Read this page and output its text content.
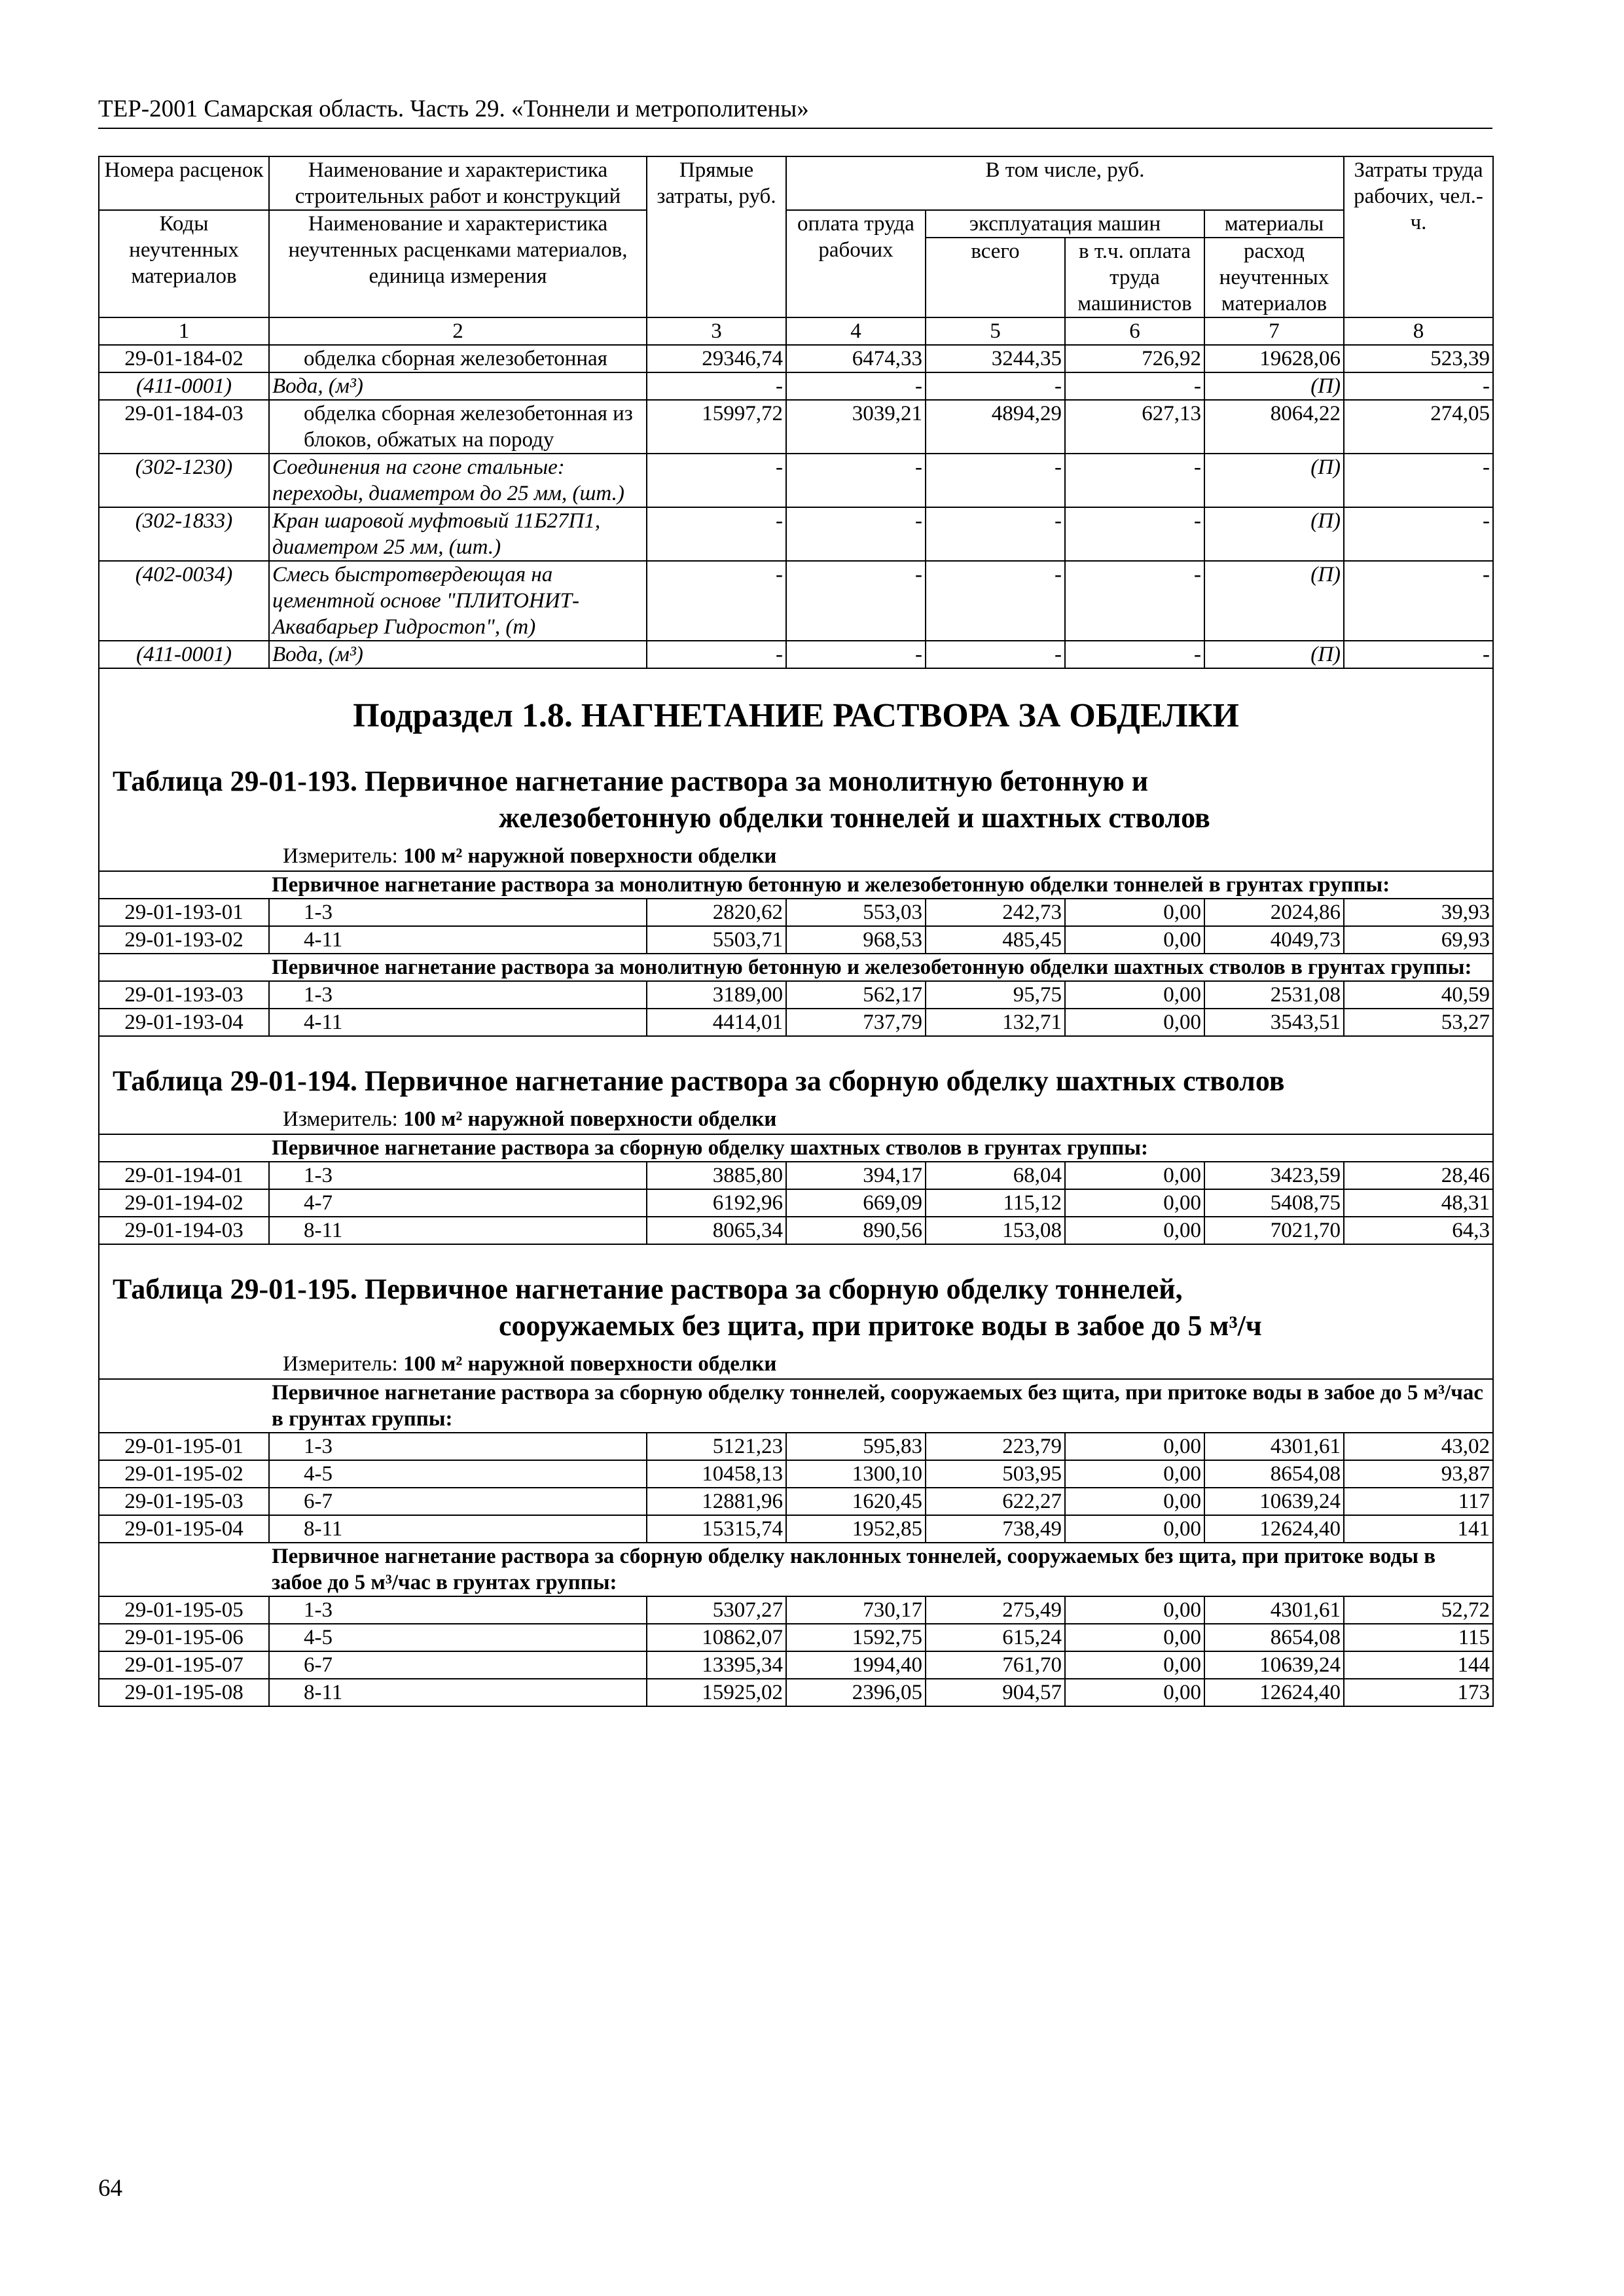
ТЕР-2001 Самарская область. Часть 29. «Тоннели и метрополитены»
Номера расценок	Наименование и характеристика строительных работ и конструкций	Прямые затраты, руб.	В том числе, руб.				Затраты труда рабочих, чел.-ч.
Коды неучтенных материалов	Наименование и характеристика неучтенных расценками материалов, единица измерения		оплата труда рабочих	эксплуатация машин		материалы	
				всего	в т.ч. оплата труда машинистов	расход неучтенных материалов	
1	2	3	4	5	6	7	8
29-01-184-02	обделка сборная железобетонная	29346,74	6474,33	3244,35	726,92	19628,06	523,39
(411-0001)	Вода, (м³)	-	-	-	-	(П)	-
29-01-184-03	обделка сборная железобетонная из блоков, обжатых на породу	15997,72	3039,21	4894,29	627,13	8064,22	274,05
(302-1230)	Соединения на сгоне стальные: переходы, диаметром до 25 мм, (шт.)	-	-	-	-	(П)	-
(302-1833)	Кран шаровой муфтовый 11Б27П1, диаметром 25 мм, (шт.)	-	-	-	-	(П)	-
(402-0034)	Смесь быстротвердеющая на цементной основе "ПЛИТОНИТ-Аквабарьер Гидростоп", (т)	-	-	-	-	(П)	-
(411-0001)	Вода, (м³)	-	-	-	-	(П)	-

Подраздел 1.8. НАГНЕТАНИЕ РАСТВОРА ЗА ОБДЕЛКИ							

Таблица 29-01-193. Первичное нагнетание раствора за монолитную бетонную и
железобетонную обделки тоннелей и шахтных стволов
Измеритель: 100 м² наружной поверхности обделки							

	Первичное нагнетание раствора за монолитную бетонную и железобетонную обделки тоннелей в грунтах группы:						
29-01-193-01	1-3	2820,62	553,03	242,73	0,00	2024,86	39,93
29-01-193-02	4-11	5503,71	968,53	485,45	0,00	4049,73	69,93
	Первичное нагнетание раствора за монолитную бетонную и железобетонную обделки шахтных стволов в грунтах группы:						
29-01-193-03	1-3	3189,00	562,17	95,75	0,00	2531,08	40,59
29-01-193-04	4-11	4414,01	737,79	132,71	0,00	3543,51	53,27

Таблица 29-01-194. Первичное нагнетание раствора за сборную обделку шахтных стволов
Измеритель: 100 м² наружной поверхности обделки							

	Первичное нагнетание раствора за сборную обделку шахтных стволов в грунтах группы:						
29-01-194-01	1-3	3885,80	394,17	68,04	0,00	3423,59	28,46
29-01-194-02	4-7	6192,96	669,09	115,12	0,00	5408,75	48,31
29-01-194-03	8-11	8065,34	890,56	153,08	0,00	7021,70	64,3

Таблица 29-01-195. Первичное нагнетание раствора за сборную обделку тоннелей,
сооружаемых без щита, при притоке воды в забое до 5 м³/ч
Измеритель: 100 м² наружной поверхности обделки							

	Первичное нагнетание раствора за сборную обделку тоннелей, сооружаемых без щита, при притоке воды в забое до 5 м³/час в грунтах группы:						
29-01-195-01	1-3	5121,23	595,83	223,79	0,00	4301,61	43,02
29-01-195-02	4-5	10458,13	1300,10	503,95	0,00	8654,08	93,87
29-01-195-03	6-7	12881,96	1620,45	622,27	0,00	10639,24	117
29-01-195-04	8-11	15315,74	1952,85	738,49	0,00	12624,40	141
	Первичное нагнетание раствора за сборную обделку наклонных тоннелей, сооружаемых без щита, при притоке воды в забое до 5 м³/час в грунтах группы:						
29-01-195-05	1-3	5307,27	730,17	275,49	0,00	4301,61	52,72
29-01-195-06	4-5	10862,07	1592,75	615,24	0,00	8654,08	115
29-01-195-07	6-7	13395,34	1994,40	761,70	0,00	10639,24	144
29-01-195-08	8-11	15925,02	2396,05	904,57	0,00	12624,40	173
64
